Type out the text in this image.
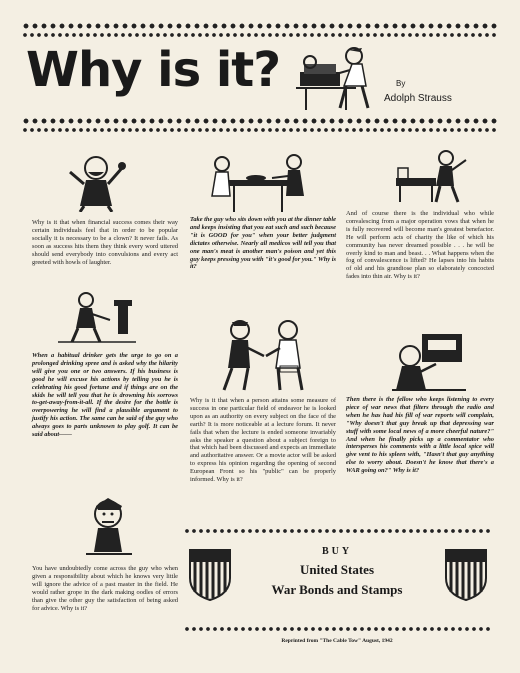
Why is it?	By
Adolph Strauss

Why is it that when financial success comes their way certain individuals feel that in order to be popular socially it is necessary to be a clown? It never fails. As soon as success hits them they think every word uttered should send everybody into convulsions and every act greeted with howls of laughter.

Take the guy who sits down with you at the dinner table and keeps insisting that you eat such and such because "it is GOOD for you" when your better judgment dictates otherwise. Nearly all medicos will tell you that one man's meat is another man's poison and yet this guy keeps pressing you with "it's good for you." Why is it?

And of course there is the individual who while convalescing from a major operation vows that when he is fully recovered will become man's greatest benefactor. He will perform acts of charity the like of which his community has never dreamed possible . . . he will be overly kind to man and beast. . . What happens when the fog of convalescence is lifted? He lapses into his habits of old and his grandiose plan so elaborately concocted fades into thin air. Why is it?

When a habitual drinker gets the urge to go on a prolonged drinking spree and is asked why the hilarity will give you one or two answers. If his business is good he will excuse his actions by telling you he is celebrating his good fortune and if things are on the skids he will tell you that he is drowning his sorrows to-get-away-from-it-all. If the desire for the bottle is overpowering he will find a plausible argument to justify his action. The same can be said of the guy who always goes to parts unknown to play golf. It can be said about——

Why is it that when a person attains some measure of success in one particular field of endeavor he is looked upon as an authority on every subject on the face of the earth? It is more noticeable at a lecture forum. It never fails that when the lecture is ended someone invariably asks the speaker a question about a subject foreign to that which had been discussed and expects an immediate and authoritative answer. Or a movie actor will be asked to express his opinion regarding the opening of second European Front so his "public" can be properly informed. Why is it?

Then there is the fellow who keeps listening to every piece of war news that filters through the radio and when he has had his fill of war reports will complain, "Why doesn't that guy break up that depressing war stuff with some local news of a more cheerful nature?" And when he finally picks up a commentator who intersperses his comments with a little local spice will give vent to his spleen with, "Hasn't that guy anything else to worry about. Doesn't he know that there's a WAR going on?" Why is it?

You have undoubtedly come across the guy who when given a responsibility about which he knows very little will ignore the advice of a past master in the field. He would rather grope in the dark making oodles of errors than give the other guy the satisfaction of being asked for advice. Why is it?

BUY
United States
War Bonds and Stamps
Reprinted from "The Cable Tow" August, 1942
